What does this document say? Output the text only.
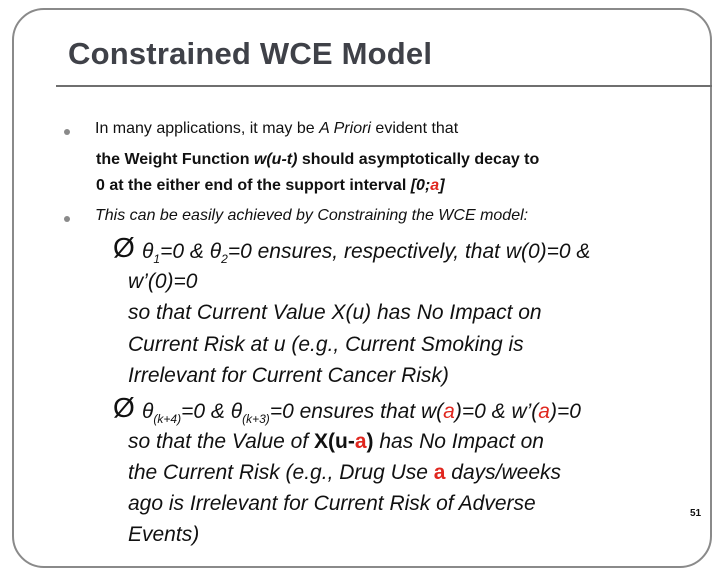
Constrained WCE Model
In many applications, it may be A Priori evident that
the Weight Function w(u-t) should asymptotically decay to
0 at the either end of the support interval [0;a]
This can be easily achieved by Constraining the WCE model:
Ø $\theta_1=0$ & $\theta_2=0$ ensures, respectively, that w(0)=0 &
w’(0)=0
so that Current Value X(u) has No Impact on
Current Risk at u (e.g., Current Smoking is
Irrelevant for Current Cancer Risk)
Ø $\theta_{(k+4)}=0$ & $\theta_{(k+3)}=0$ ensures that w(a)=0 & w’(a)=0
so that the Value of X(u-a) has No Impact on
the Current Risk (e.g., Drug Use a days/weeks
ago is Irrelevant for Current Risk of Adverse
Events)
51
